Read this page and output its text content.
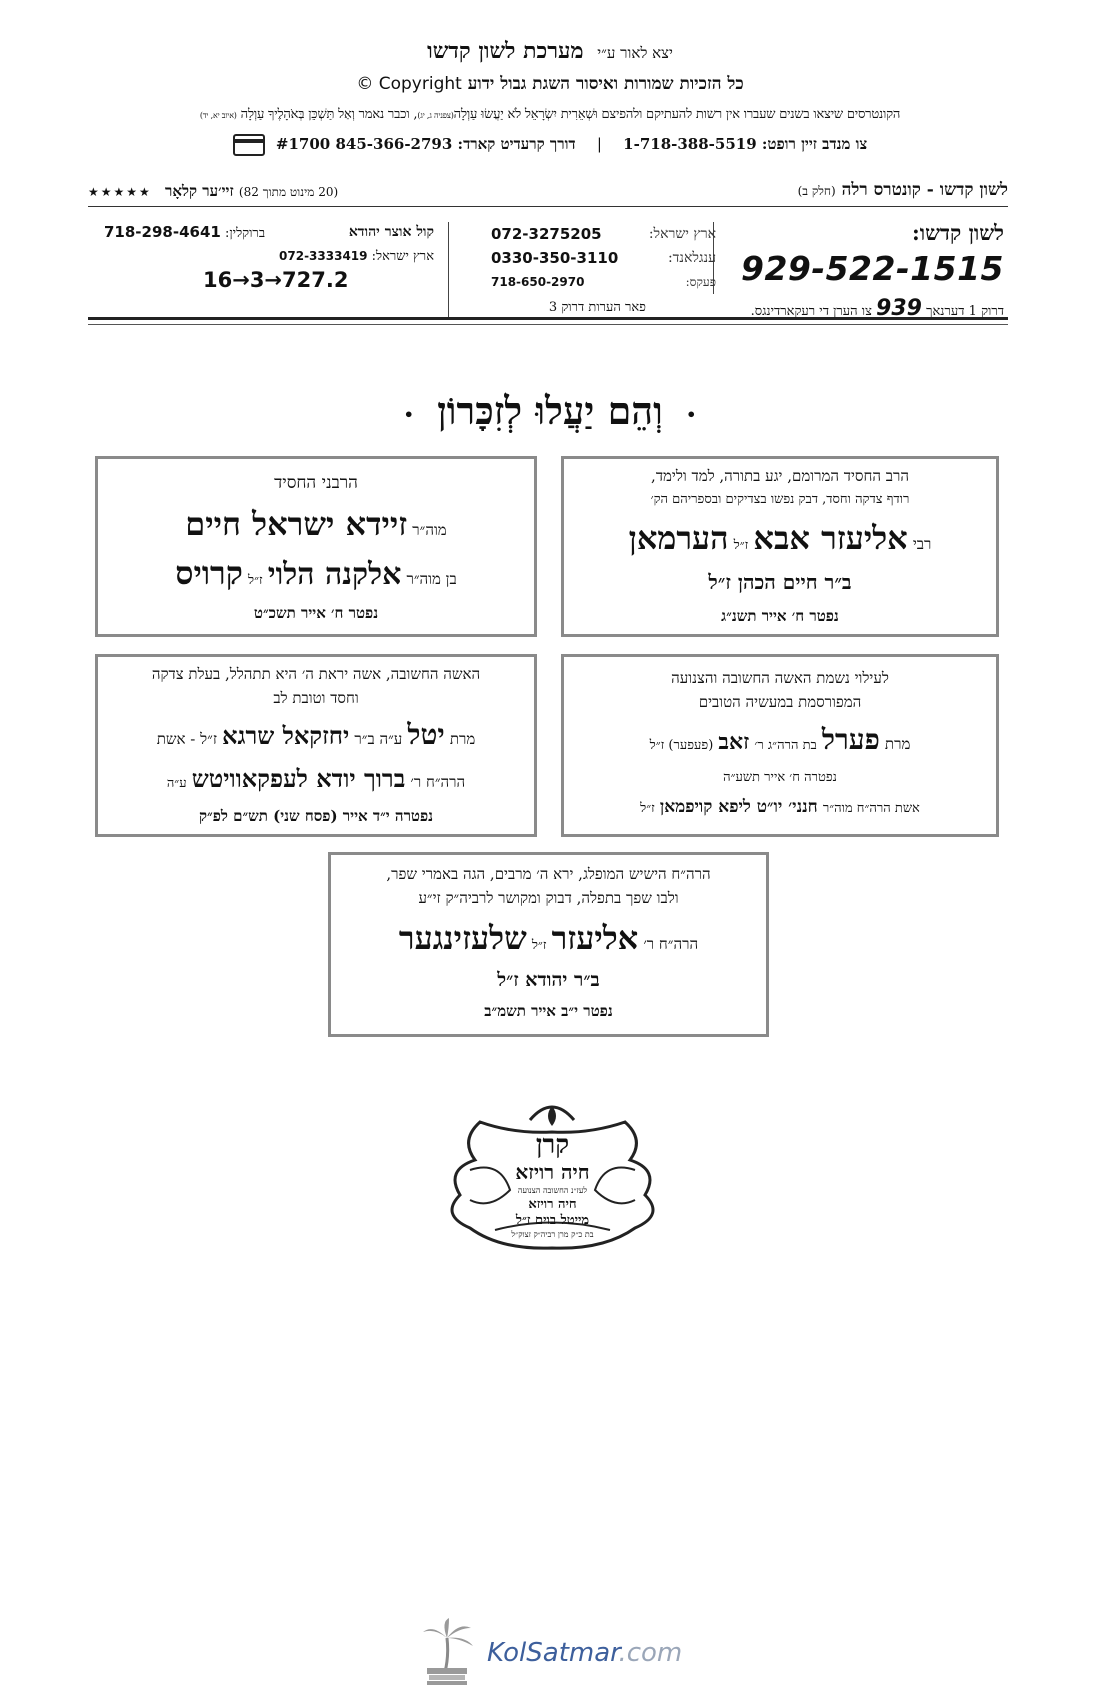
יצא לאור ע״י מערכת לשון קדשו
כל הזכיות שמורות ואיסור השגת גבול ידוע Copyright ©
הקונטרסים שיצאו בשנים שעברו אין רשות להעתיקם ולהפיצם וּשְׁאֵרִית יִשְׂרָאֵל לֹא יַעֲשׂוּ עַוְלָה(צפניה ג, יג), וכבר נאמר וְאַל תַּשְׁכֵּן בְּאֹהָלֶיךָ עַוְלָה (איוב יא, יד)
צו מנדב זיין רופט: 1-718-388-5519 | דורך קרעדיט קארד: 845-366-2793 #1700
לשון קדשו - קונטרס רלה (חלק ב)
(20 מינוט מתוך 82) זיי׳ער קלאָר ★★★★★
לשון קדשו:
929-522-1515
דרוק 1 דערנאך 939 צו הערן די רעקארדינגס.
ארץ ישראל:
072-3275205
ענגלאנד:
0330-350-3110
פעקס:
718-650-2970
פאר הערות דרוק 3
קול אוצר יהודא
ברוקלין: 718-298-4641
ארץ ישראל: 072-3333419
16→3→727.2
• וְהֵם יַעֲלוּ לְזִכָּרוֹן •
הרב החסיד המרומם, יגע בתורה, למד ולימד,
רודף צדקה וחסד, דבק נפשו בצדיקים ובספריהם הק׳
רבי אליעזר אבא ז״ל הערמאן
ב״ר חיים הכהן ז״ל
נפטר ח׳ אייר תשנ״ג
הרבני החסיד
מוה״ר זיידא ישראל חיים
בן מוה״ר אלקנה הלוי ז״ל קרויס
נפטר ח׳ אייר תשכ״ט
לעילוי נשמת האשה החשובה והצנועה
המפורסמת במעשיה הטובים
מרת פערל בת הרה״ג ר׳ זאב (פעפער) ז״ל
נפטרה ח׳ אייר תשע״ה
אשת הרה״ח מוה״ר חנני׳ יו״ט ליפא קויפמאן ז״ל
האשה החשובה, אשה יראת ה׳ היא תתהלל, בעלת צדקה
וחסד וטובת לב
מרת יטל ע״ה ב״ר יחזקאל שרגא ז״ל - אשת
הרה״ח ר׳ ברוך יודא לעפקאוויטש ע״ה
נפטרה י״ד אייר (פסח שני) תש״ם לפ״ק
הרה״ח הישיש המופלג, ירא ה׳ מרבים, הגה באמרי שפר,
ולבו שפך בתפלה, דבוק ומקושר לרביה״ק זי״ע
הרה״ח ר׳ אליעזר ז״ל שלעזינגער
ב״ר יהודא ז״ל
נפטר י״ב אייר תשמ״ב
קרן
חיה רויזא
לעז״נ החשובה הצנועה
חיה רויזא
מייטל בוים ז״ל
בת כ״ק מרן רביה״ק זצוק״ל
KolSatmar.com
